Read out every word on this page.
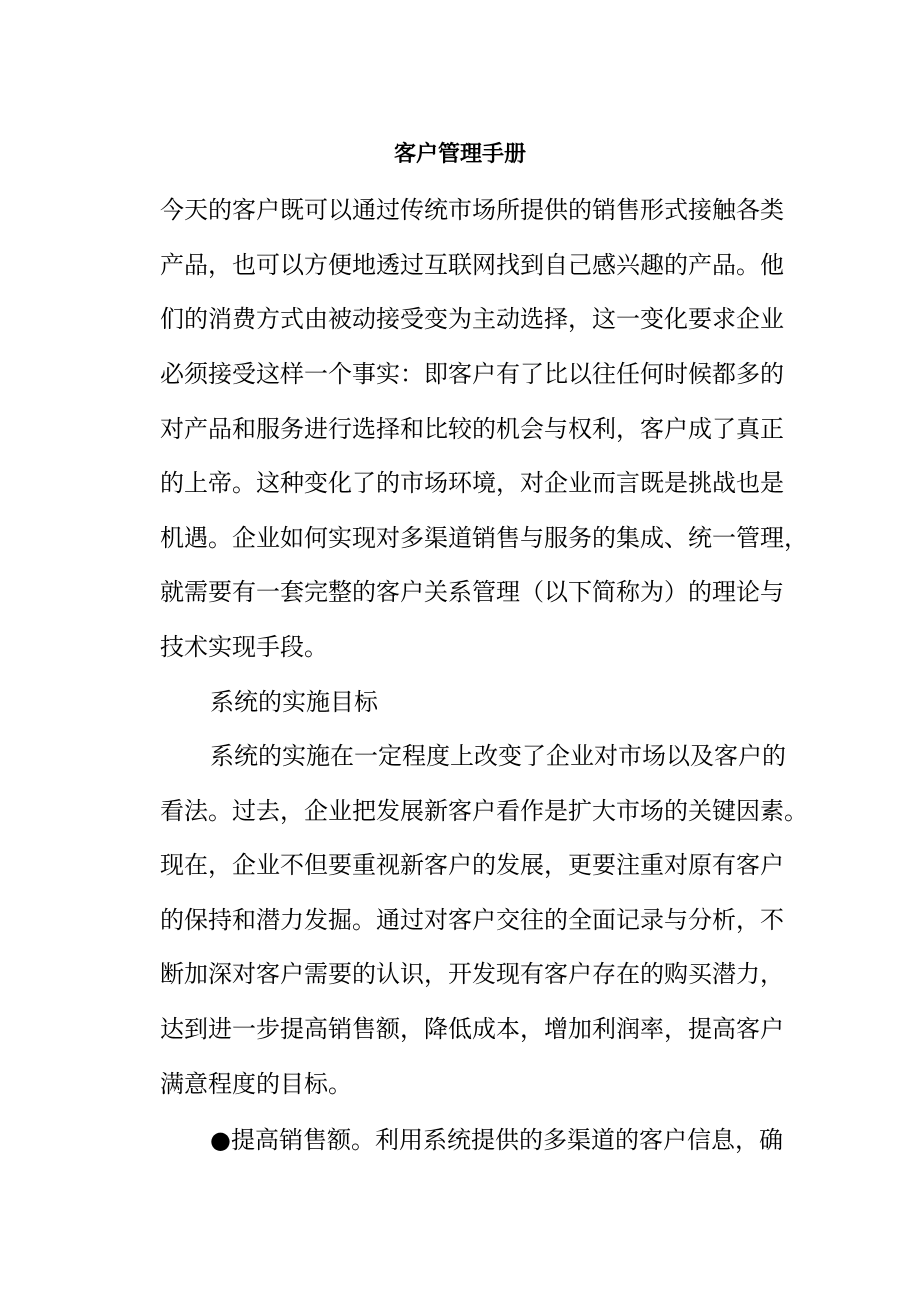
客户管理手册
今天的客户既可以通过传统市场所提供的销售形式接触各类
产品，也可以方便地透过互联网找到自己感兴趣的产品。他
们的消费方式由被动接受变为主动选择，这一变化要求企业
必须接受这样一个事实：即客户有了比以往任何时候都多的
对产品和服务进行选择和比较的机会与权利，客户成了真正
的上帝。这种变化了的市场环境，对企业而言既是挑战也是
机遇。企业如何实现对多渠道销售与服务的集成、统一管理，
就需要有一套完整的客户关系管理（以下简称为）的理论与
技术实现手段。
系统的实施目标
系统的实施在一定程度上改变了企业对市场以及客户的
看法。过去，企业把发展新客户看作是扩大市场的关键因素。
现在，企业不但要重视新客户的发展，更要注重对原有客户
的保持和潜力发掘。通过对客户交往的全面记录与分析，不
断加深对客户需要的认识，开发现有客户存在的购买潜力，
达到进一步提高销售额，降低成本，增加利润率，提高客户
满意程度的目标。
●提高销售额。利用系统提供的多渠道的客户信息，确
